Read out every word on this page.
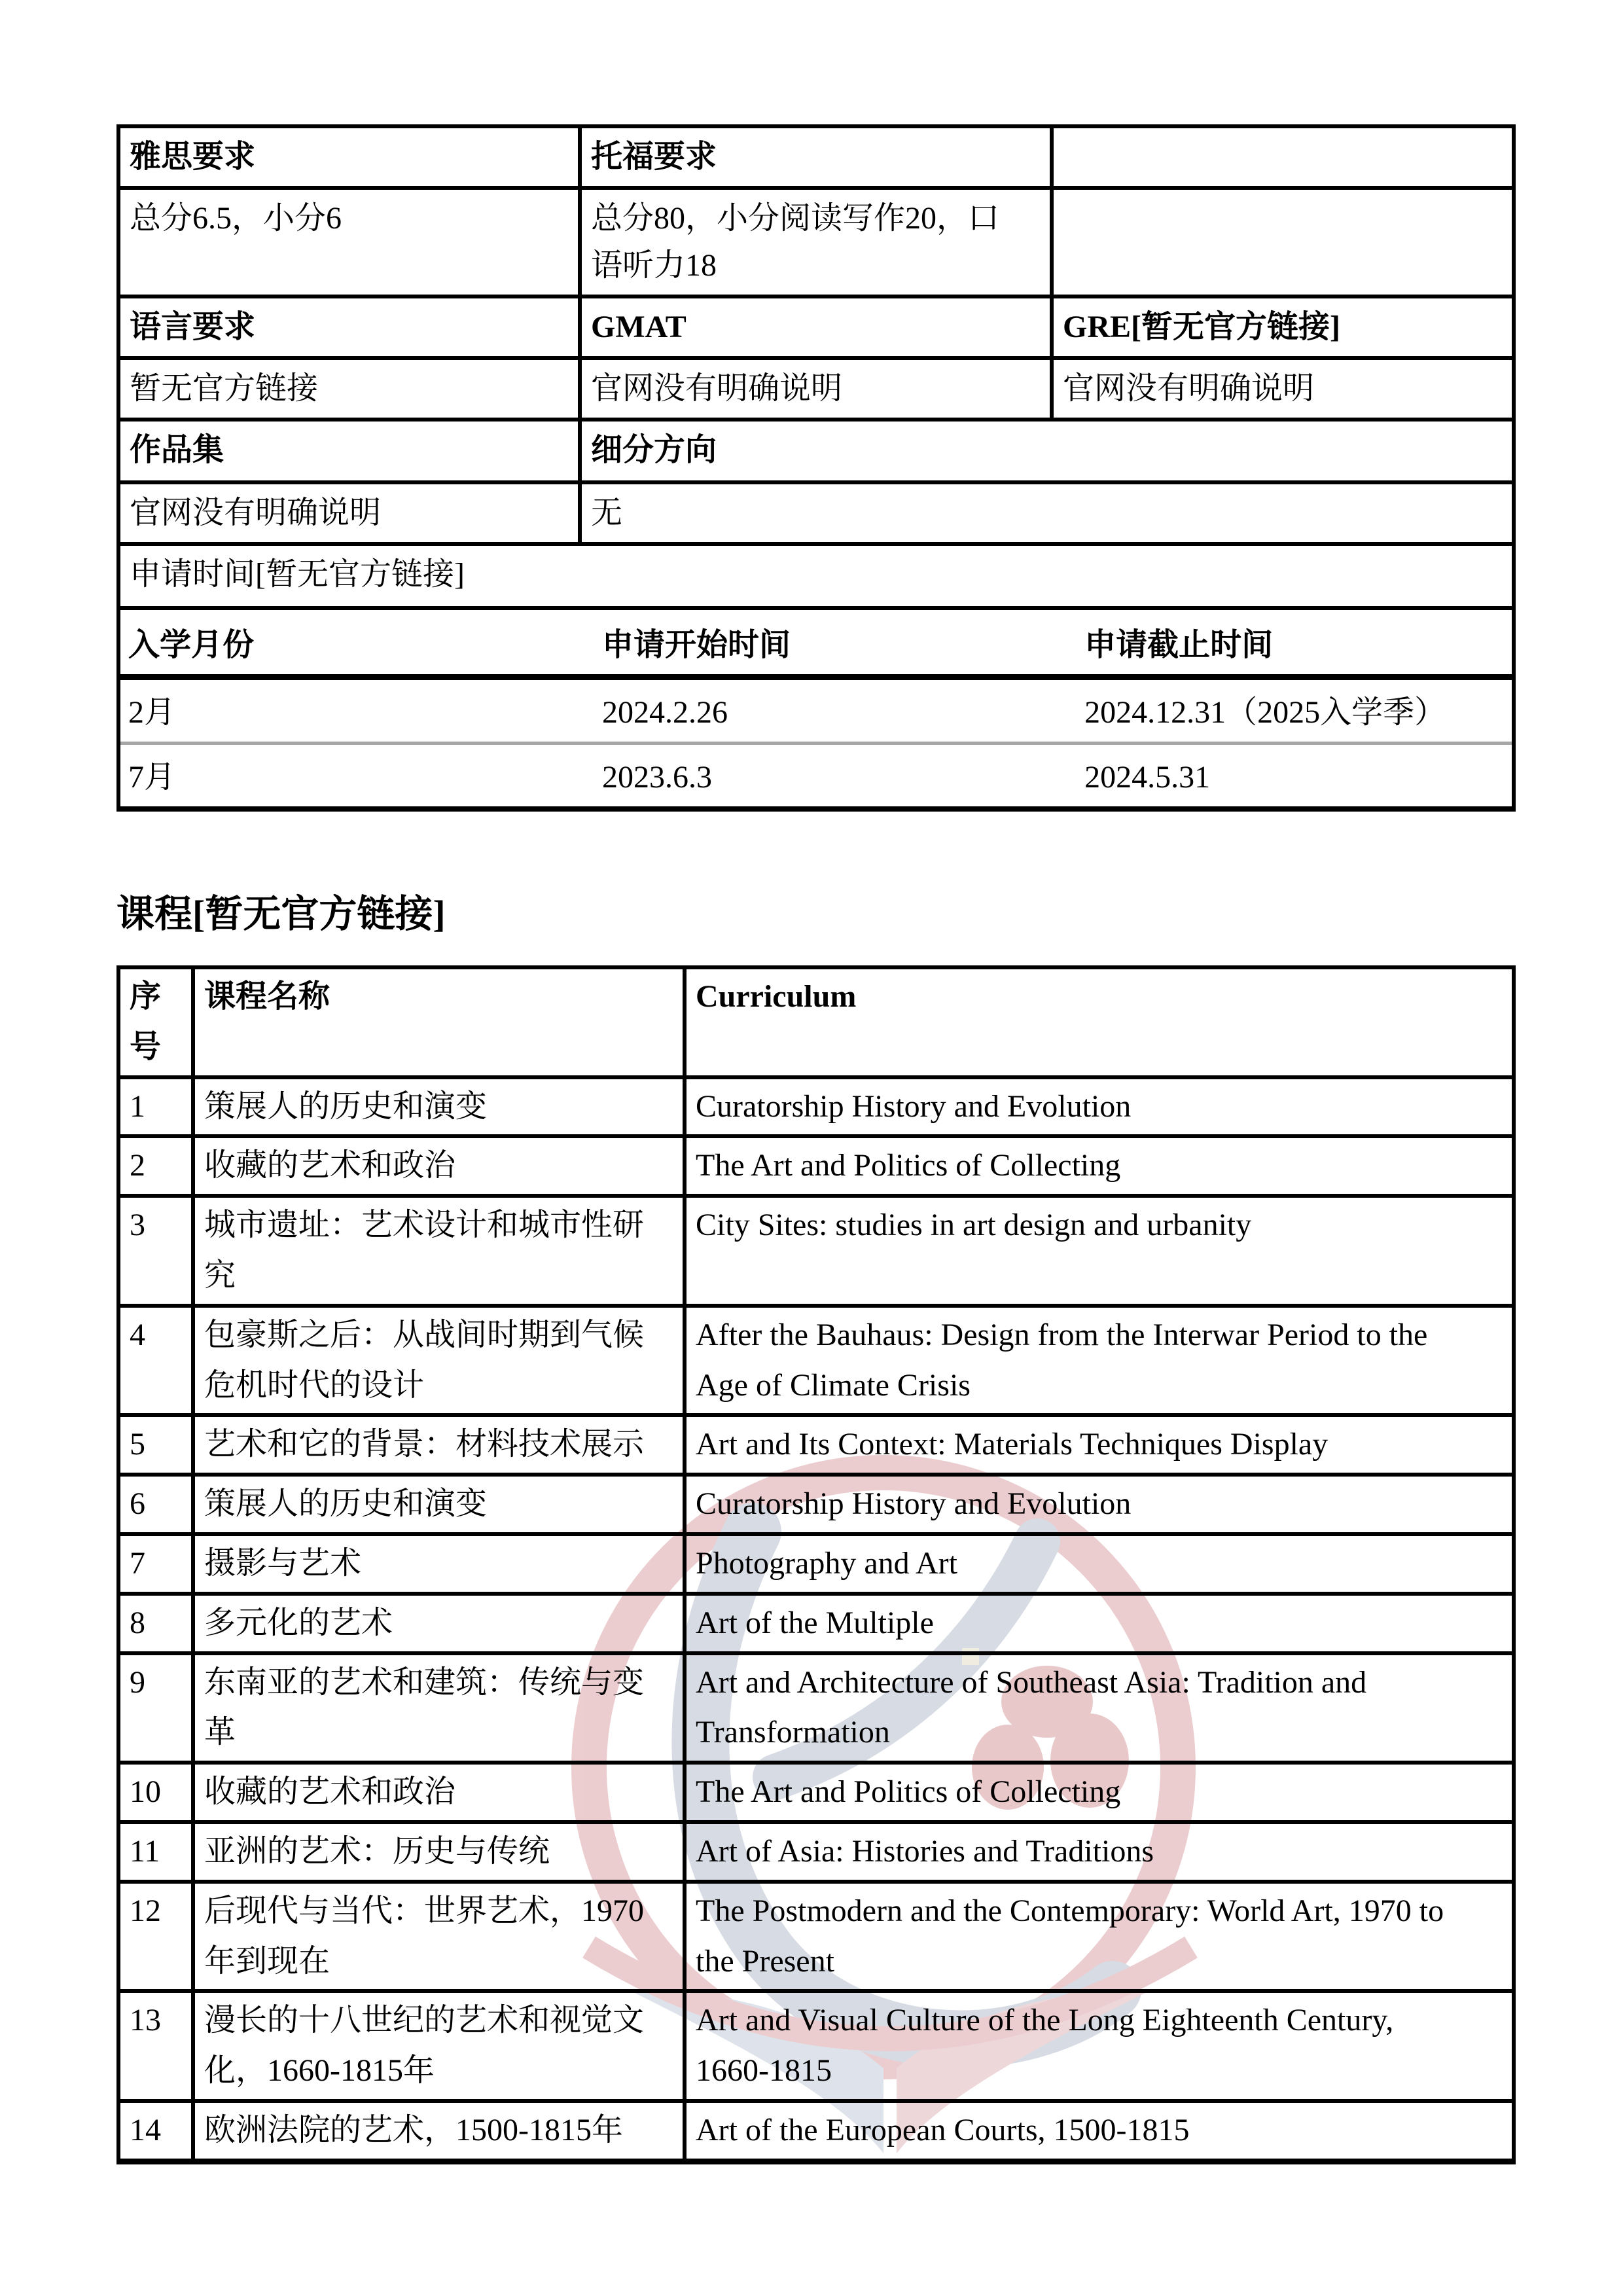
雅思要求	托福要求	
总分6.5，小分6	总分80，小分阅读写作20，口语听力18	
语言要求	GMAT	GRE[暂无官方链接]
暂无官方链接	官网没有明确说明	官网没有明确说明
作品集	细分方向
官网没有明确说明	无
申请时间[暂无官方链接]

入学月份	申请开始时间	申请截止时间
2月	2024.2.26	2024.12.31（2025入学季）
7月	2023.6.3	2024.5.31
课程[暂无官方链接]
序号	课程名称	Curriculum
1	策展人的历史和演变	Curatorship History and Evolution
2	收藏的艺术和政治	The Art and Politics of Collecting
3	城市遗址：艺术设计和城市性研究	City Sites: studies in art design and urbanity
4	包豪斯之后：从战间时期到气候危机时代的设计	After the Bauhaus: Design from the Interwar Period to the Age of Climate Crisis
5	艺术和它的背景：材料技术展示	Art and Its Context: Materials Techniques Display
6	策展人的历史和演变	Curatorship History and Evolution
7	摄影与艺术	Photography and Art
8	多元化的艺术	Art of the Multiple
9	东南亚的艺术和建筑：传统与变革	Art and Architecture of Southeast Asia: Tradition and Transformation
10	收藏的艺术和政治	The Art and Politics of Collecting
11	亚洲的艺术：历史与传统	Art of Asia: Histories and Traditions
12	后现代与当代：世界艺术，1970年到现在	The Postmodern and the Contemporary: World Art, 1970 to the Present
13	漫长的十八世纪的艺术和视觉文化，1660-1815年	Art and Visual Culture of the Long Eighteenth Century, 1660-1815
14	欧洲法院的艺术，1500-1815年	Art of the European Courts, 1500-1815
